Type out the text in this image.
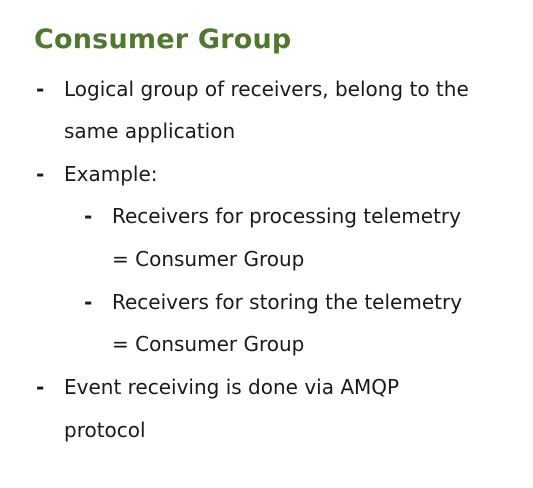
Consumer Group
- Logical group of receivers, belong to the
same application
- Example:
- Receivers for processing telemetry
= Consumer Group
- Receivers for storing the telemetry
= Consumer Group
- Event receiving is done via AMQP
protocol
